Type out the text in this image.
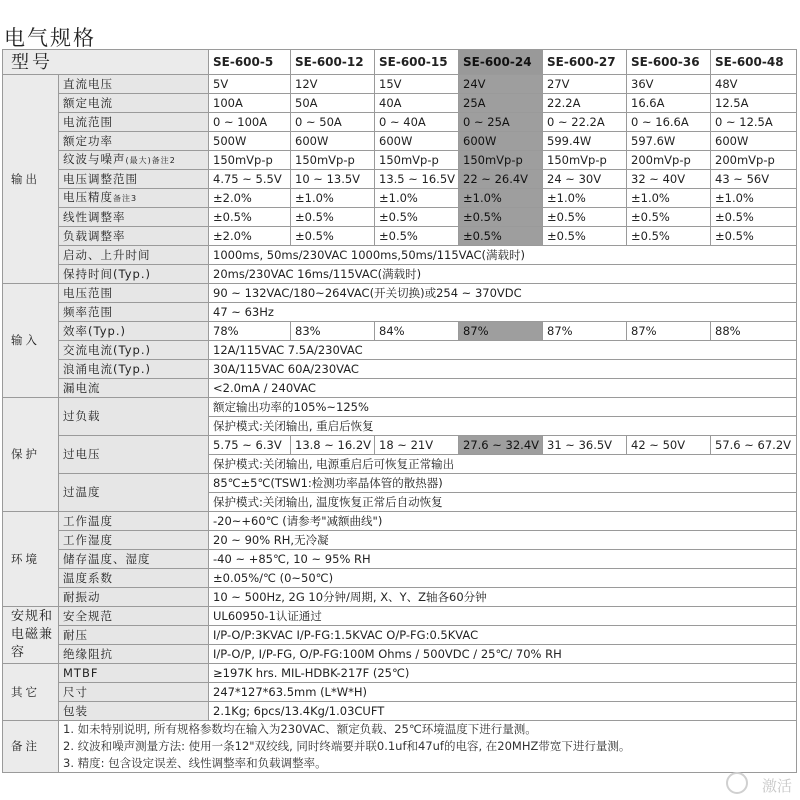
电气规格
型号		SE-600-5	SE-600-12	SE-600-15	SE-600-24	SE-600-27	SE-600-36	SE-600-48
输出	直流电压	5V	12V	15V	24V	27V	36V	48V
	额定电流	100A	50A	40A	25A	22.2A	16.6A	12.5A
	电流范围	0 ~ 100A	0 ~ 50A	0 ~ 40A	0 ~ 25A	0 ~ 22.2A	0 ~ 16.6A	0 ~ 12.5A
	额定功率	500W	600W	600W	600W	599.4W	597.6W	600W
	纹波与噪声(最大)备注2	150mVp-p	150mVp-p	150mVp-p	150mVp-p	150mVp-p	200mVp-p	200mVp-p
	电压调整范围	4.75 ~ 5.5V	10 ~ 13.5V	13.5 ~ 16.5V	22 ~ 26.4V	24 ~ 30V	32 ~ 40V	43 ~ 56V
	电压精度备注3	±2.0%	±1.0%	±1.0%	±1.0%	±1.0%	±1.0%	±1.0%
	线性调整率	±0.5%	±0.5%	±0.5%	±0.5%	±0.5%	±0.5%	±0.5%
	负载调整率	±2.0%	±0.5%	±0.5%	±0.5%	±0.5%	±0.5%	±0.5%
	启动、上升时间	1000ms, 50ms/230VAC 1000ms,50ms/115VAC(满载时)						
	保持时间(Typ.)	20ms/230VAC 16ms/115VAC(满载时)						
输入	电压范围	90 ~ 132VAC/180~264VAC(开关切换)或254 ~ 370VDC						
	频率范围	47 ~ 63Hz						
	效率(Typ.)	78%	83%	84%	87%	87%	87%	88%
	交流电流(Typ.)	12A/115VAC 7.5A/230VAC						
	浪涌电流(Typ.)	30A/115VAC 60A/230VAC						
	漏电流	<2.0mA / 240VAC						
保护	过负载	额定输出功率的105%~125%						
		保护模式:关闭输出, 重启后恢复						
	过电压	5.75 ~ 6.3V	13.8 ~ 16.2V	18 ~ 21V	27.6 ~ 32.4V	31 ~ 36.5V	42 ~ 50V	57.6 ~ 67.2V
		保护模式:关闭输出, 电源重启后可恢复正常输出						
	过温度	85℃±5℃(TSW1:检测功率晶体管的散热器)						
		保护模式:关闭输出, 温度恢复正常后自动恢复						
环境	工作温度	-20~+60℃ (请参考"减额曲线")						
	工作湿度	20 ~ 90% RH,无冷凝						
	储存温度、湿度	-40 ~ +85℃, 10 ~ 95% RH						
	温度系数	±0.05%/℃ (0~50℃)						
	耐振动	10 ~ 500Hz, 2G 10分钟/周期, X、Y、Z轴各60分钟						

安规和
电磁兼容	安全规范	UL60950-1认证通过						
	耐压	I/P-O/P:3KVAC I/P-FG:1.5KVAC O/P-FG:0.5KVAC						
	绝缘阻抗	I/P-O/P, I/P-FG, O/P-FG:100M Ohms / 500VDC / 25℃/ 70% RH						
其它	MTBF	≥197K hrs. MIL-HDBK-217F (25℃)						
	尺寸	247*127*63.5mm (L*W*H)						
	包装	2.1Kg; 6pcs/13.4Kg/1.03CUFT						
备注	1. 如未特别说明, 所有规格参数均在输入为230VAC、额定负载、25℃环境温度下进行量测。
2. 纹波和噪声测量方法: 使用一条12"双绞线, 同时终端要并联0.1uf和47uf的电容, 在20MHZ带宽下进行量测。
3. 精度: 包含设定误差、线性调整率和负载调整率。							
激活
